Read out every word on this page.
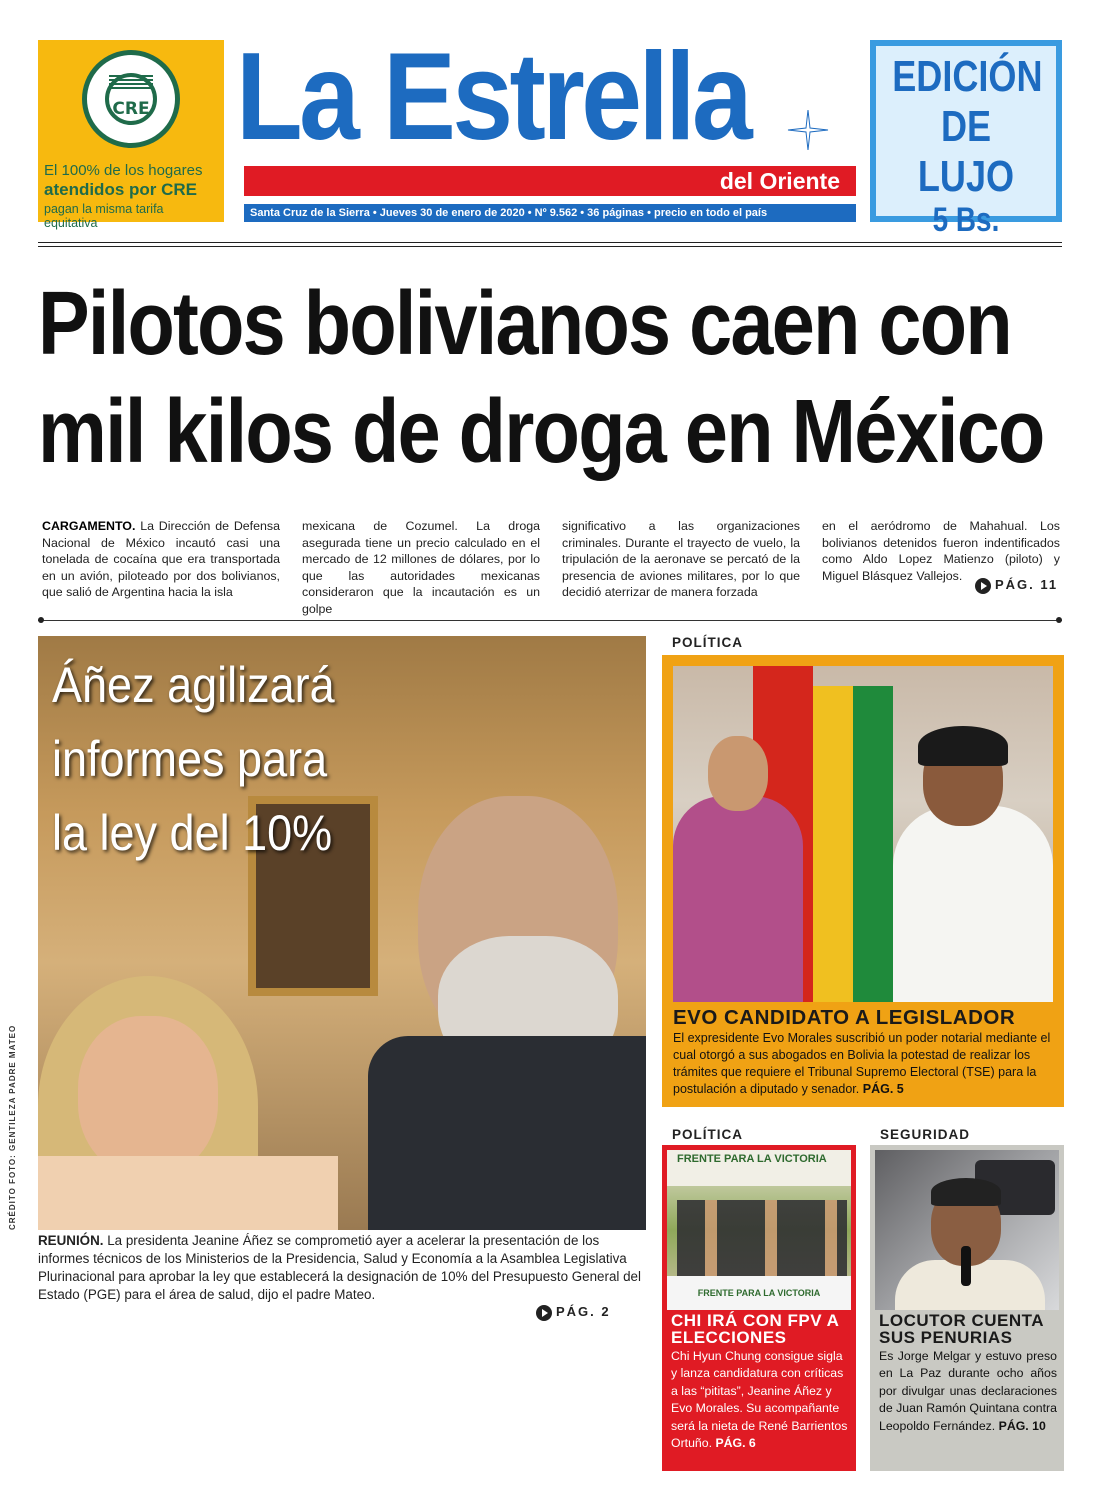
CRE
El 100% de los hogares
atendidos por CRE
pagan la misma tarifa equitativa
La Estrella
del Oriente
Santa Cruz de la Sierra • Jueves 30 de enero de 2020 • Nº 9.562 • 36 páginas • precio en todo el país
EDICIÓN
DE LUJO
5 Bs.
Pilotos bolivianos caen con
mil kilos de droga en México
CARGAMENTO. La Dirección de Defensa Nacional de México incautó casi una tonelada de cocaína que era transportada en un avión, piloteado por dos bolivianos, que salió de Argentina hacia la isla
mexicana de Cozumel. La droga asegurada tiene un precio calculado en el mercado de 12 millones de dólares, por lo que las autoridades mexicanas consideraron que la incautación es un golpe
significativo a las organizaciones criminales. Durante el trayecto de vuelo, la tripulación de la aeronave se percató de la presencia de aviones militares, por lo que decidió aterrizar de manera forzada
en el aeródromo de Mahahual. Los bolivianos detenidos fueron indentificados como Aldo Lopez Matienzo (piloto) y Miguel Blásquez Vallejos.
PÁG. 11
Áñez agilizará
informes para
la ley del 10%
CRÉDITO FOTO: GENTILEZA PADRE MATEO
REUNIÓN. La presidenta Jeanine Áñez se comprometió ayer a acelerar la presentación de los informes técnicos de los Ministerios de la Presidencia, Salud y Economía a la Asamblea Legislativa Plurinacional para aprobar la ley que establecerá la designación de 10% del Presupuesto General del Estado (PGE) para el área de salud, dijo el padre Mateo.
PÁG. 2
POLÍTICA
EVO CANDIDATO A LEGISLADOR
El expresidente Evo Morales suscribió un poder notarial mediante el cual otorgó a sus abogados en Bolivia la potestad de realizar los trámites que requiere el Tribunal Supremo Electoral (TSE) para la postulación a diputado y senador. PÁG. 5
POLÍTICA
FRENTE PARA LA VICTORIA
FRENTE PARA LA VICTORIA
CHI IRÁ CON FPV A ELECCIONES
Chi Hyun Chung consigue sigla y lanza candidatura con críticas a las “pititas”, Jeanine Áñez y Evo Morales. Su acompañante será la nieta de René Barrientos Ortuño. PÁG. 6
SEGURIDAD
LOCUTOR CUENTA SUS PENURIAS
Es Jorge Melgar y estuvo preso en La Paz durante ocho años por divulgar unas declaraciones de Juan Ramón Quintana contra Leopoldo Fernández. PÁG. 10
